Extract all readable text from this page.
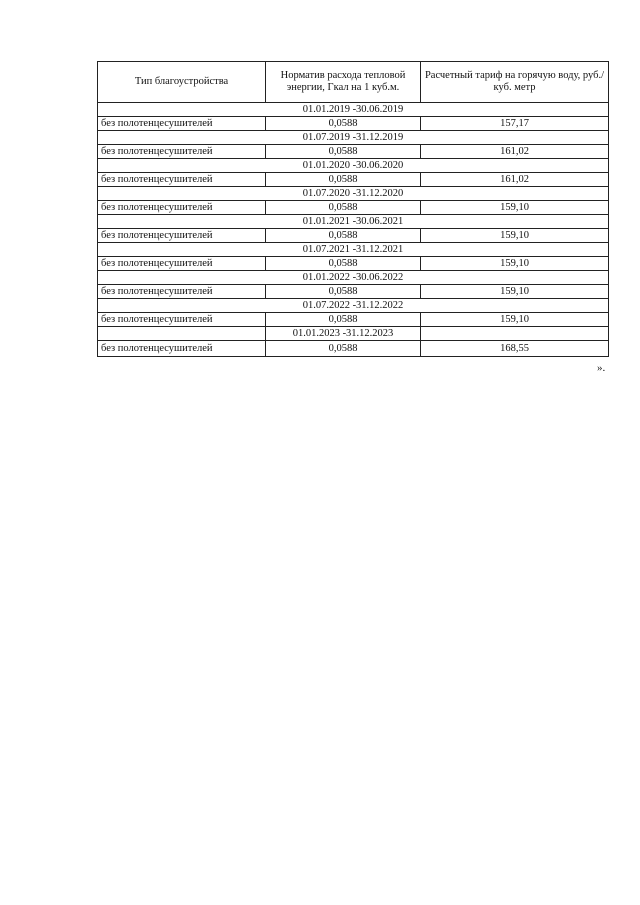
Тип благоустройства	Норматив расхода тепловой энергии, Гкал на 1 куб.м.	Расчетный тариф на горячую воду, руб./куб. метр
01.01.2019 -30.06.2019		
без полотенцесушителей	0,0588	157,17
01.07.2019 -31.12.2019		
без полотенцесушителей	0,0588	161,02
01.01.2020 -30.06.2020		
без полотенцесушителей	0,0588	161,02
01.07.2020 -31.12.2020		
без полотенцесушителей	0,0588	159,10
01.01.2021 -30.06.2021		
без полотенцесушителей	0,0588	159,10
01.07.2021 -31.12.2021		
без полотенцесушителей	0,0588	159,10
01.01.2022 -30.06.2022		
без полотенцесушителей	0,0588	159,10
01.07.2022 -31.12.2022		
без полотенцесушителей	0,0588	159,10
	01.01.2023 -31.12.2023	
без полотенцесушителей	0,0588	168,55
».
